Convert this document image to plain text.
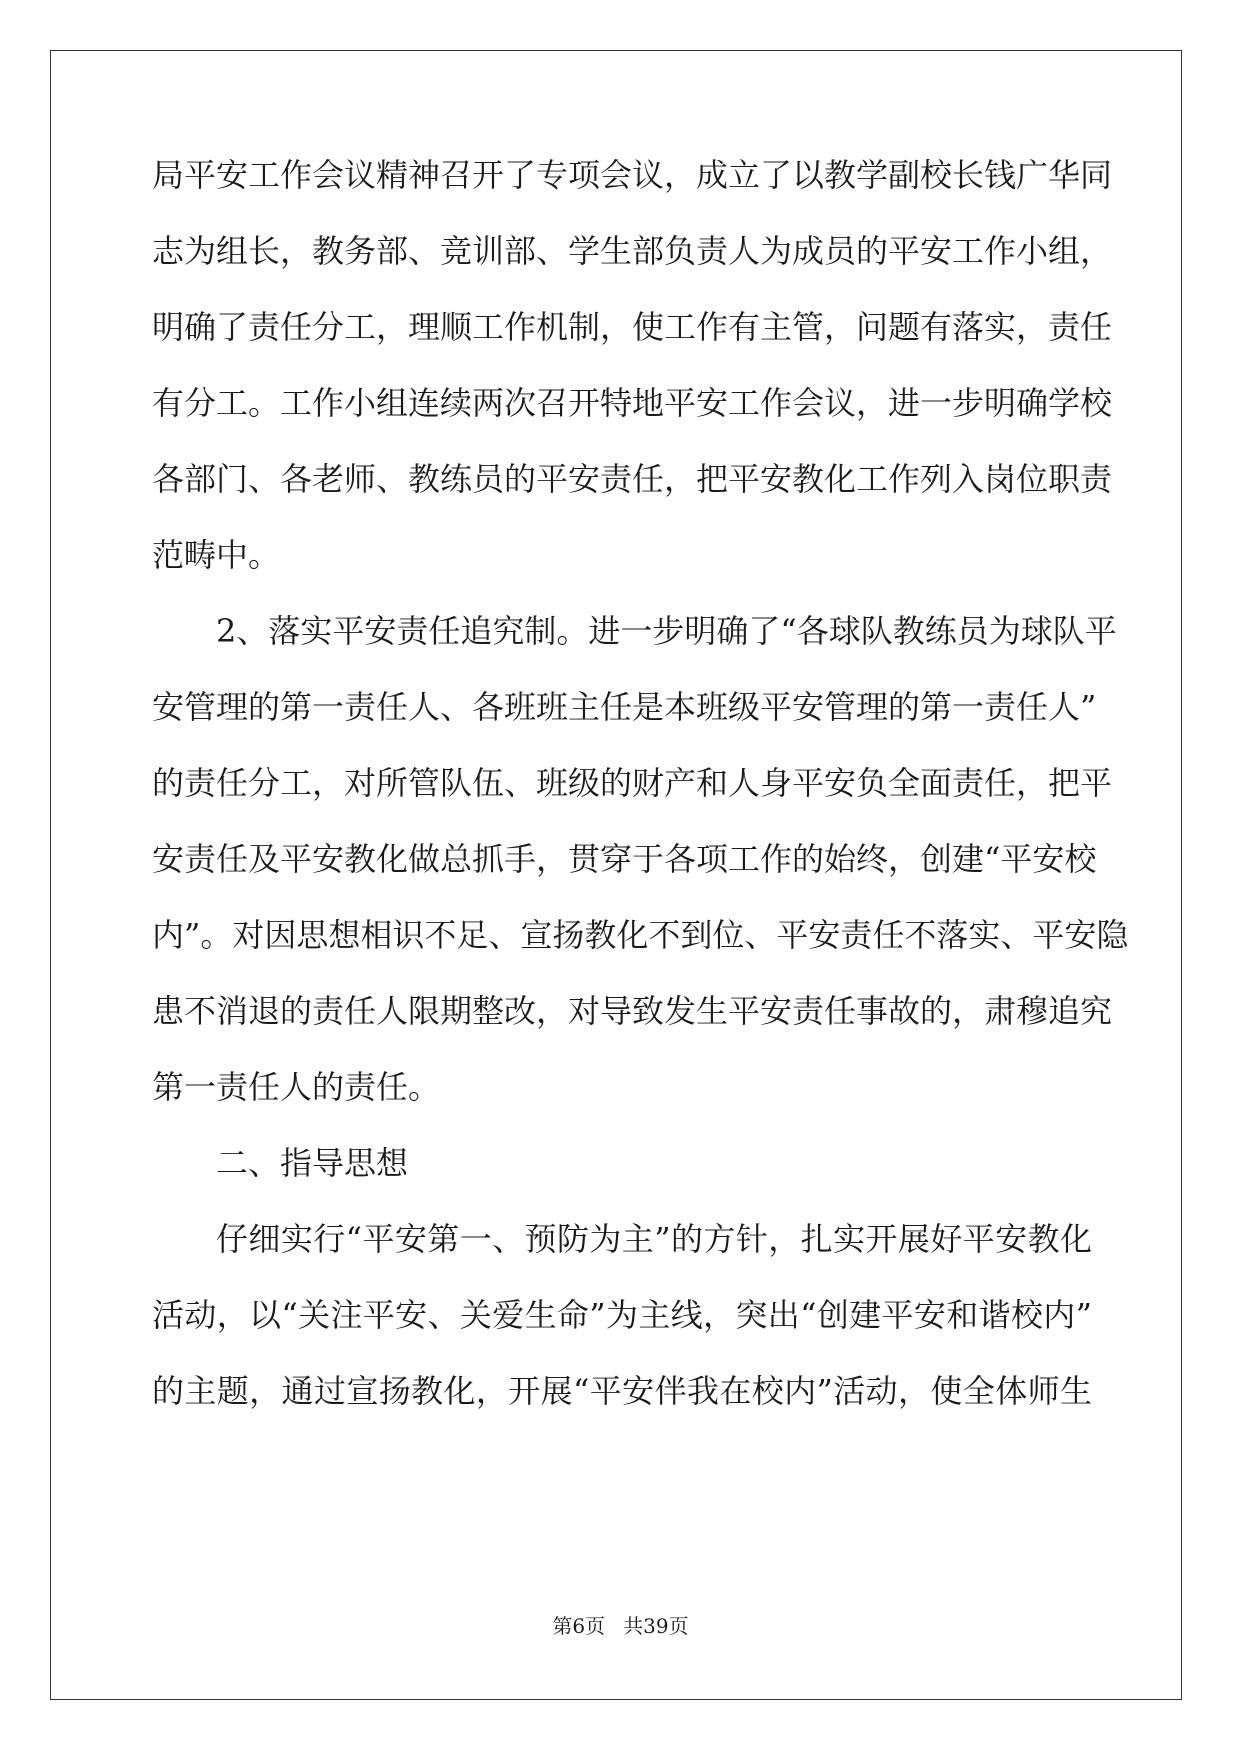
局平安工作会议精神召开了专项会议，成立了以教学副校长钱广华同

志为组长，教务部、竞训部、学生部负责人为成员的平安工作小组，

明确了责任分工，理顺工作机制，使工作有主管，问题有落实，责任

有分工。工作小组连续两次召开特地平安工作会议，进一步明确学校

各部门、各老师、教练员的平安责任，把平安教化工作列入岗位职责

范畴中。

2、落实平安责任追究制。进一步明确了“各球队教练员为球队平

安管理的第一责任人、各班班主任是本班级平安管理的第一责任人”

的责任分工，对所管队伍、班级的财产和人身平安负全面责任，把平

安责任及平安教化做总抓手，贯穿于各项工作的始终，创建“平安校

内”。对因思想相识不足、宣扬教化不到位、平安责任不落实、平安隐

患不消退的责任人限期整改，对导致发生平安责任事故的，肃穆追究

第一责任人的责任。

二、指导思想

仔细实行“平安第一、预防为主”的方针，扎实开展好平安教化

活动，以“关注平安、关爱生命”为主线，突出“创建平安和谐校内”

的主题，通过宣扬教化，开展“平安伴我在校内”活动，使全体师生

第6页 共39页
